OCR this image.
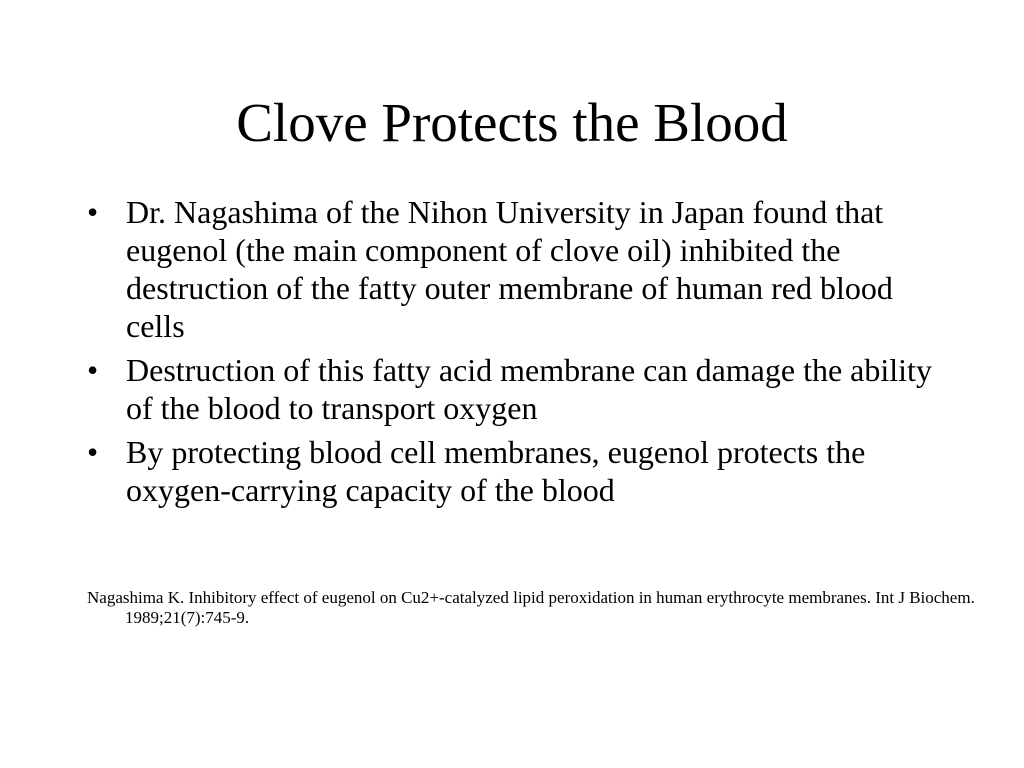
Clove Protects the Blood
• Dr. Nagashima of the Nihon University in Japan found that eugenol (the main component of clove oil) inhibited the destruction of the fatty outer membrane of human red blood cells
• Destruction of this fatty acid membrane can damage the ability of the blood to transport oxygen
• By protecting blood cell membranes, eugenol protects the oxygen-carrying capacity of the blood

Nagashima K. Inhibitory effect of eugenol on Cu2+-catalyzed lipid peroxidation in human erythrocyte membranes. Int J Biochem. 1989;21(7):745-9.
